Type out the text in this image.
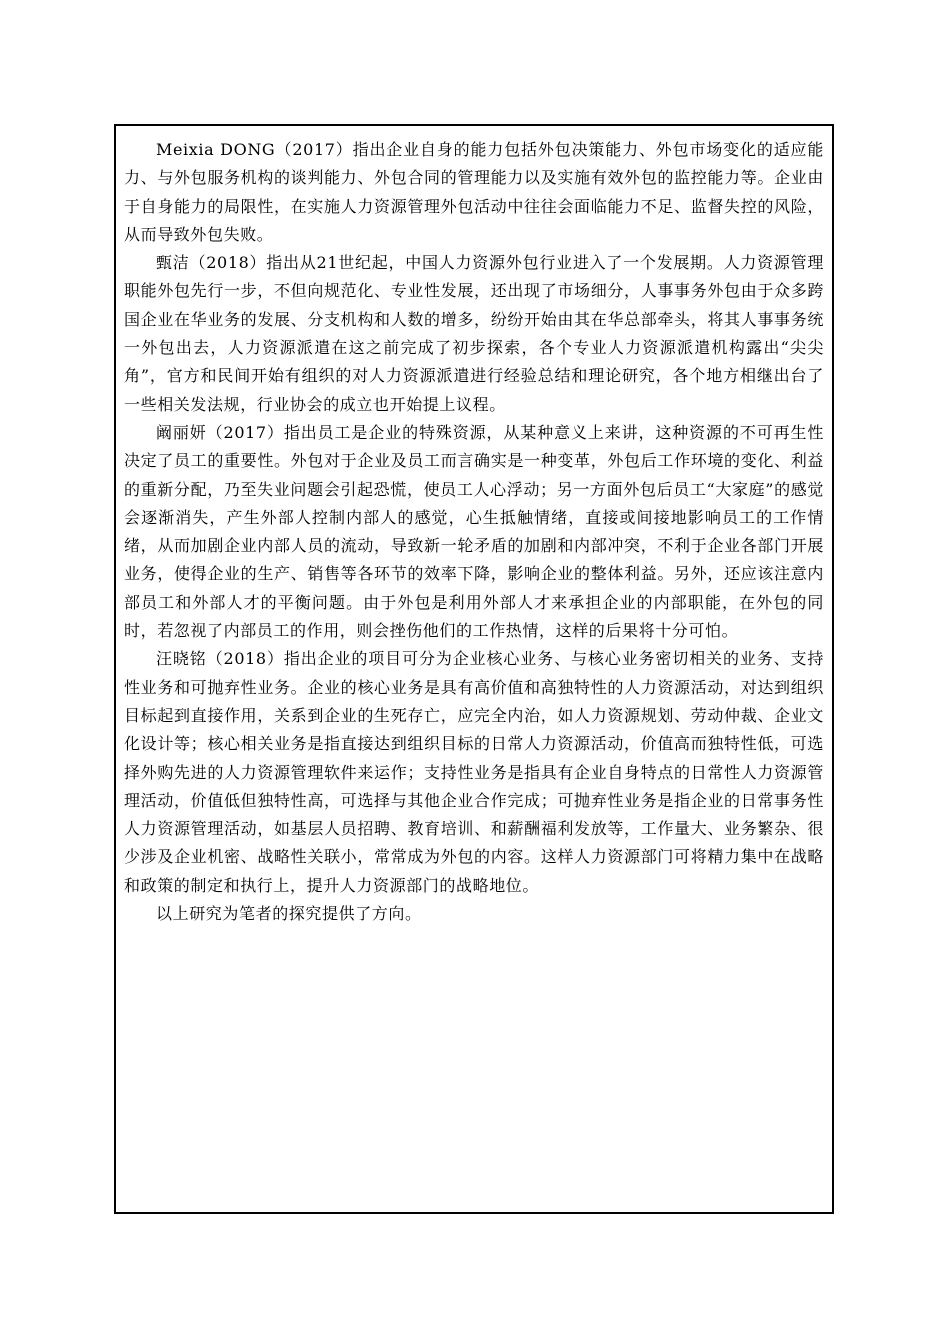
Meixia DONG（2017）指出企业自身的能力包括外包决策能力、外包市场变化的适应能力、与外包服务机构的谈判能力、外包合同的管理能力以及实施有效外包的监控能力等。企业由于自身能力的局限性，在实施人力资源管理外包活动中往往会面临能力不足、监督失控的风险，从而导致外包失败。

甄洁（2018）指出从21世纪起，中国人力资源外包行业进入了一个发展期。人力资源管理职能外包先行一步，不但向规范化、专业性发展，还出现了市场细分，人事事务外包由于众多跨国企业在华业务的发展、分支机构和人数的增多，纷纷开始由其在华总部牵头，将其人事事务统一外包出去，人力资源派遣在这之前完成了初步探索，各个专业人力资源派遣机构露出“尖尖角”，官方和民间开始有组织的对人力资源派遣进行经验总结和理论研究，各个地方相继出台了一些相关发法规，行业协会的成立也开始提上议程。

阚丽妍（2017）指出员工是企业的特殊资源，从某种意义上来讲，这种资源的不可再生性决定了员工的重要性。外包对于企业及员工而言确实是一种变革，外包后工作环境的变化、利益的重新分配，乃至失业问题会引起恐慌，使员工人心浮动；另一方面外包后员工“大家庭”的感觉会逐渐消失，产生外部人控制内部人的感觉，心生抵触情绪，直接或间接地影响员工的工作情绪，从而加剧企业内部人员的流动，导致新一轮矛盾的加剧和内部冲突，不利于企业各部门开展业务，使得企业的生产、销售等各环节的效率下降，影响企业的整体利益。另外，还应该注意内部员工和外部人才的平衡问题。由于外包是利用外部人才来承担企业的内部职能，在外包的同时，若忽视了内部员工的作用，则会挫伤他们的工作热情，这样的后果将十分可怕。

汪晓铭（2018）指出企业的项目可分为企业核心业务、与核心业务密切相关的业务、支持性业务和可抛弃性业务。企业的核心业务是具有高价值和高独特性的人力资源活动，对达到组织目标起到直接作用，关系到企业的生死存亡，应完全内治，如人力资源规划、劳动仲裁、企业文化设计等；核心相关业务是指直接达到组织目标的日常人力资源活动，价值高而独特性低，可选择外购先进的人力资源管理软件来运作；支持性业务是指具有企业自身特点的日常性人力资源管理活动，价值低但独特性高，可选择与其他企业合作完成；可抛弃性业务是指企业的日常事务性人力资源管理活动，如基层人员招聘、教育培训、和薪酬福利发放等，工作量大、业务繁杂、很少涉及企业机密、战略性关联小，常常成为外包的内容。这样人力资源部门可将精力集中在战略和政策的制定和执行上，提升人力资源部门的战略地位。

以上研究为笔者的探究提供了方向。
